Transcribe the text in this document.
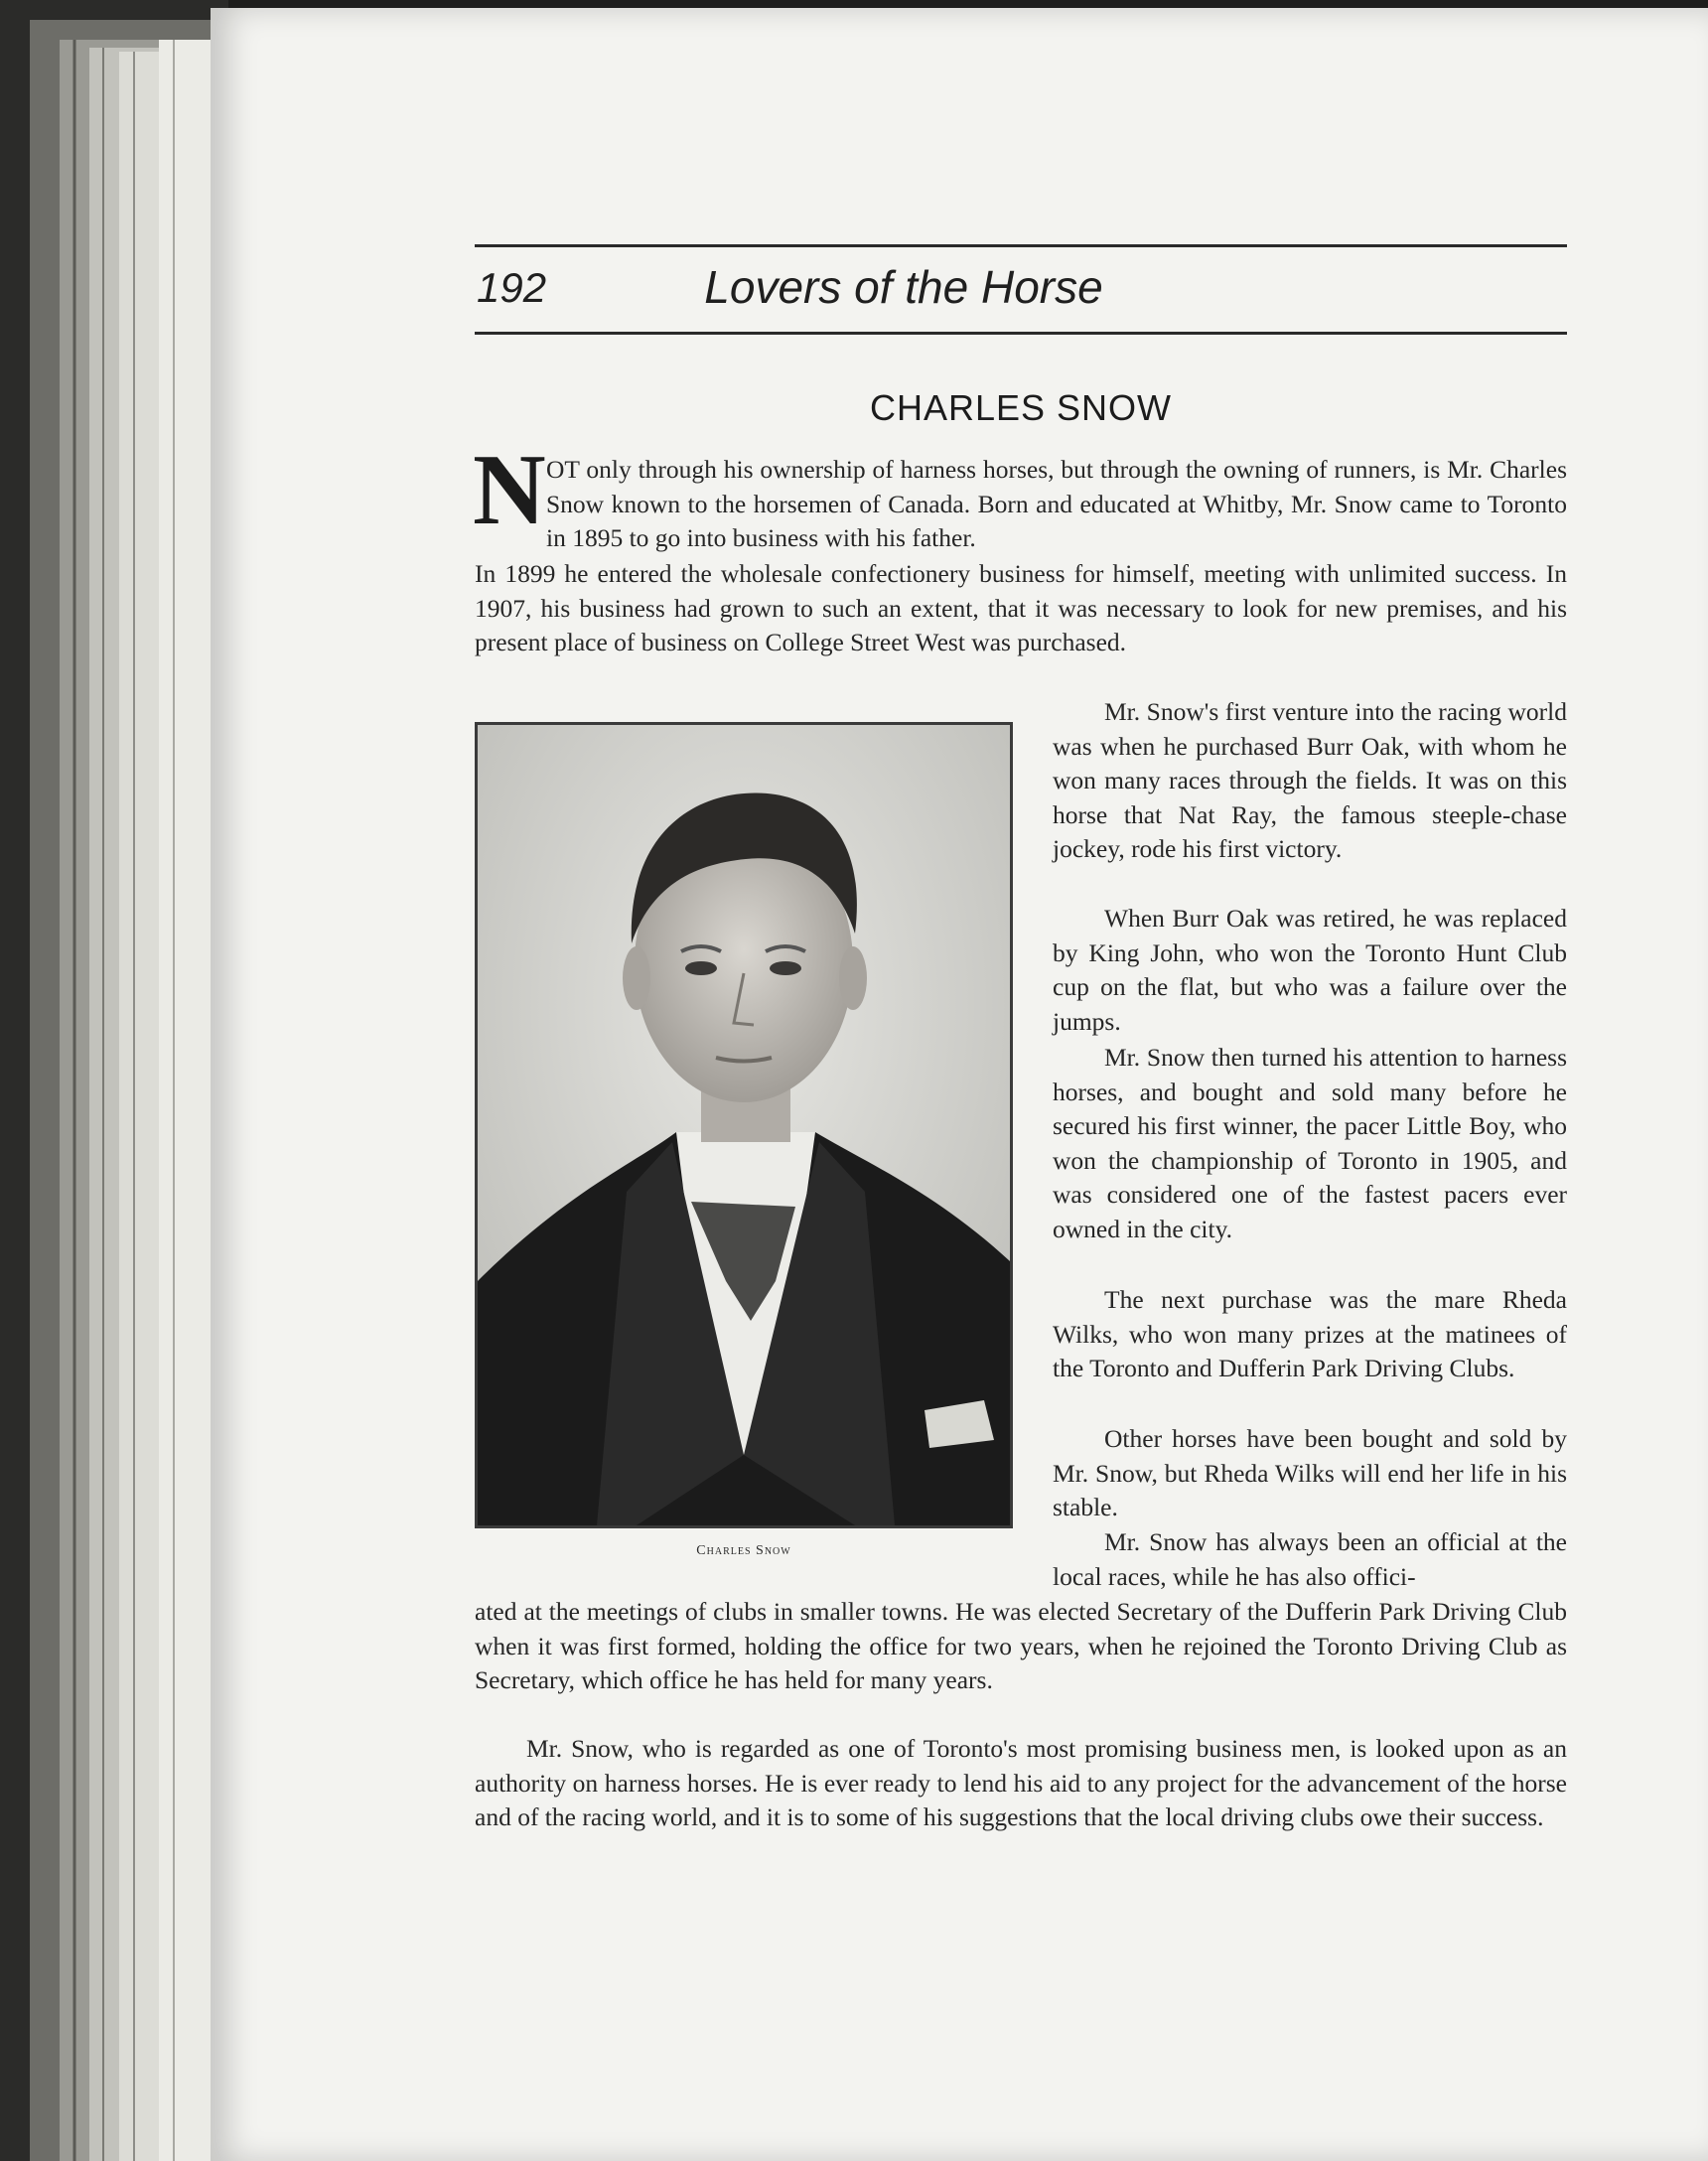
192	Lovers of the Horse
CHARLES SNOW
N OT only through his ownership of harness horses, but through the owning of runners, is Mr. Charles Snow known to the horsemen of Canada. Born and educated at Whitby, Mr. Snow came to Toronto in 1895 to go into business with his father.

In 1899 he entered the wholesale confectionery business for himself, meeting with unlimited success. In 1907, his business had grown to such an extent, that it was necessary to look for new premises, and his present place of business on College Street West was purchased.

Charles Snow

Mr. Snow's first venture into the racing world was when he purchased Burr Oak, with whom he won many races through the fields. It was on this horse that Nat Ray, the famous steeple-chase jockey, rode his first victory.

When Burr Oak was retired, he was replaced by King John, who won the Toronto Hunt Club cup on the flat, but who was a failure over the jumps.

Mr. Snow then turned his attention to harness horses, and bought and sold many before he secured his first winner, the pacer Little Boy, who won the championship of Toronto in 1905, and was considered one of the fastest pacers ever owned in the city.

The next purchase was the mare Rheda Wilks, who won many prizes at the matinees of the Toronto and Dufferin Park Driving Clubs.

Other horses have been bought and sold by Mr. Snow, but Rheda Wilks will end her life in his stable.

Mr. Snow has always been an official at the local races, while he has also offici-

ated at the meetings of clubs in smaller towns. He was elected Secretary of the Dufferin Park Driving Club when it was first formed, holding the office for two years, when he rejoined the Toronto Driving Club as Secretary, which office he has held for many years.

Mr. Snow, who is regarded as one of Toronto's most promising business men, is looked upon as an authority on harness horses. He is ever ready to lend his aid to any project for the advancement of the horse and of the racing world, and it is to some of his suggestions that the local driving clubs owe their success.
